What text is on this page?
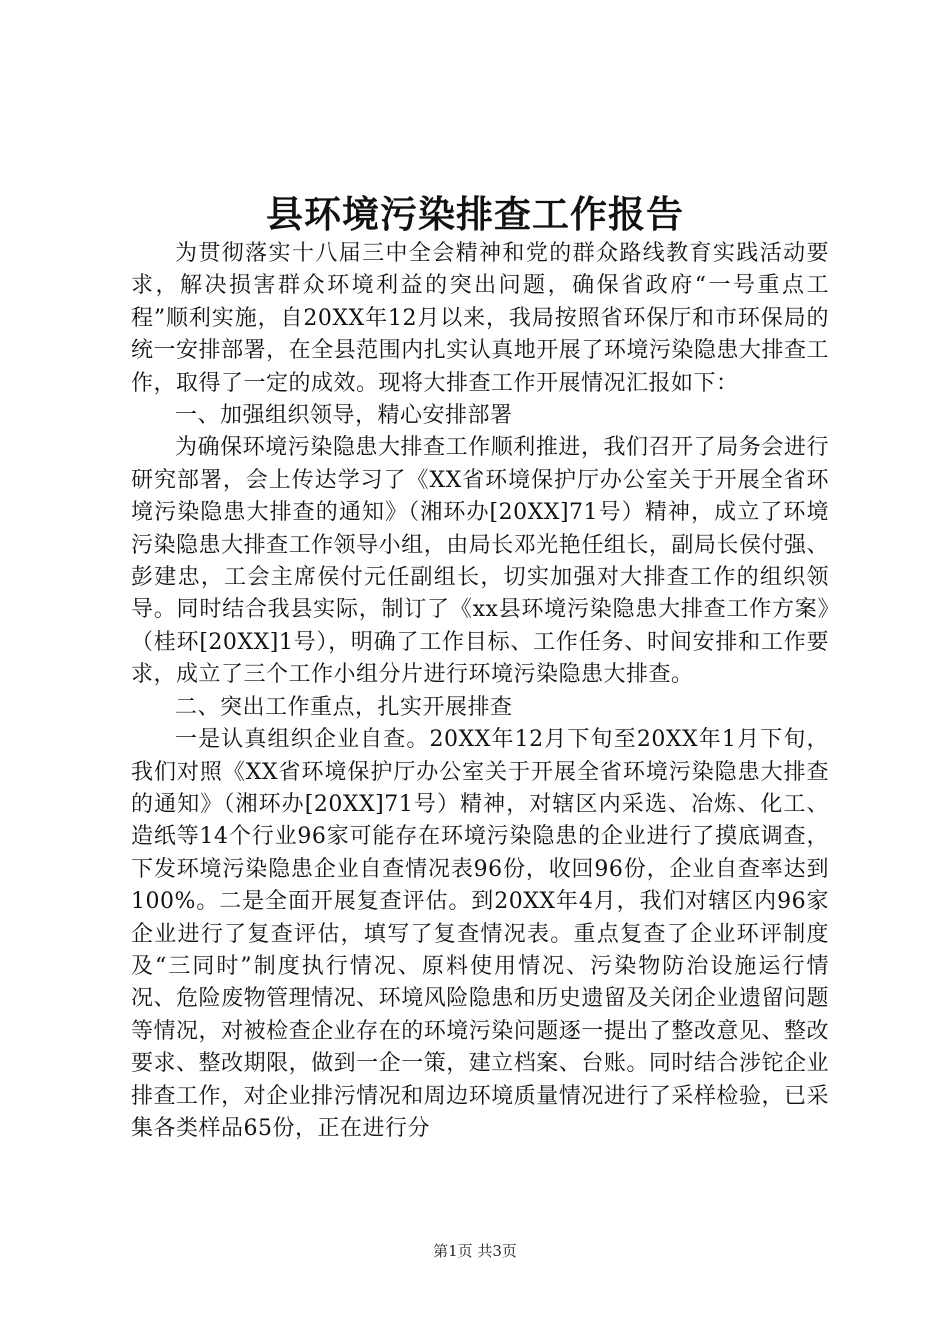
县环境污染排查工作报告

为贯彻落实十八届三中全会精神和党的群众路线教育实践活动要求，解决损害群众环境利益的突出问题，确保省政府“一号重点工程”顺利实施，自20XX年12月以来，我局按照省环保厅和市环保局的统一安排部署，在全县范围内扎实认真地开展了环境污染隐患大排查工作，取得了一定的成效。现将大排查工作开展情况汇报如下：

一、加强组织领导，精心安排部署

为确保环境污染隐患大排查工作顺利推进，我们召开了局务会进行研究部署，会上传达学习了《XX省环境保护厅办公室关于开展全省环境污染隐患大排查的通知》（湘环办[20XX]71号）精神，成立了环境污染隐患大排查工作领导小组，由局长邓光艳任组长，副局长侯付强、彭建忠，工会主席侯付元任副组长，切实加强对大排查工作的组织领导。同时结合我县实际，制订了《xx县环境污染隐患大排查工作方案》（桂环[20XX]1号），明确了工作目标、工作任务、时间安排和工作要求，成立了三个工作小组分片进行环境污染隐患大排查。

二、突出工作重点，扎实开展排查

一是认真组织企业自查。20XX年12月下旬至20XX年1月下旬，我们对照《XX省环境保护厅办公室关于开展全省环境污染隐患大排查的通知》（湘环办[20XX]71号）精神，对辖区内采选、冶炼、化工、造纸等14个行业96家可能存在环境污染隐患的企业进行了摸底调查，下发环境污染隐患企业自查情况表96份，收回96份，企业自查率达到100%。二是全面开展复查评估。到20XX年4月，我们对辖区内96家企业进行了复查评估，填写了复查情况表。重点复查了企业环评制度及“三同时”制度执行情况、原料使用情况、污染物防治设施运行情况、危险废物管理情况、环境风险隐患和历史遗留及关闭企业遗留问题等情况，对被检查企业存在的环境污染问题逐一提出了整改意见、整改要求、整改期限，做到一企一策，建立档案、台账。同时结合涉铊企业排查工作，对企业排污情况和周边环境质量情况进行了采样检验，已采集各类样品65份，正在进行分

第1页 共3页
